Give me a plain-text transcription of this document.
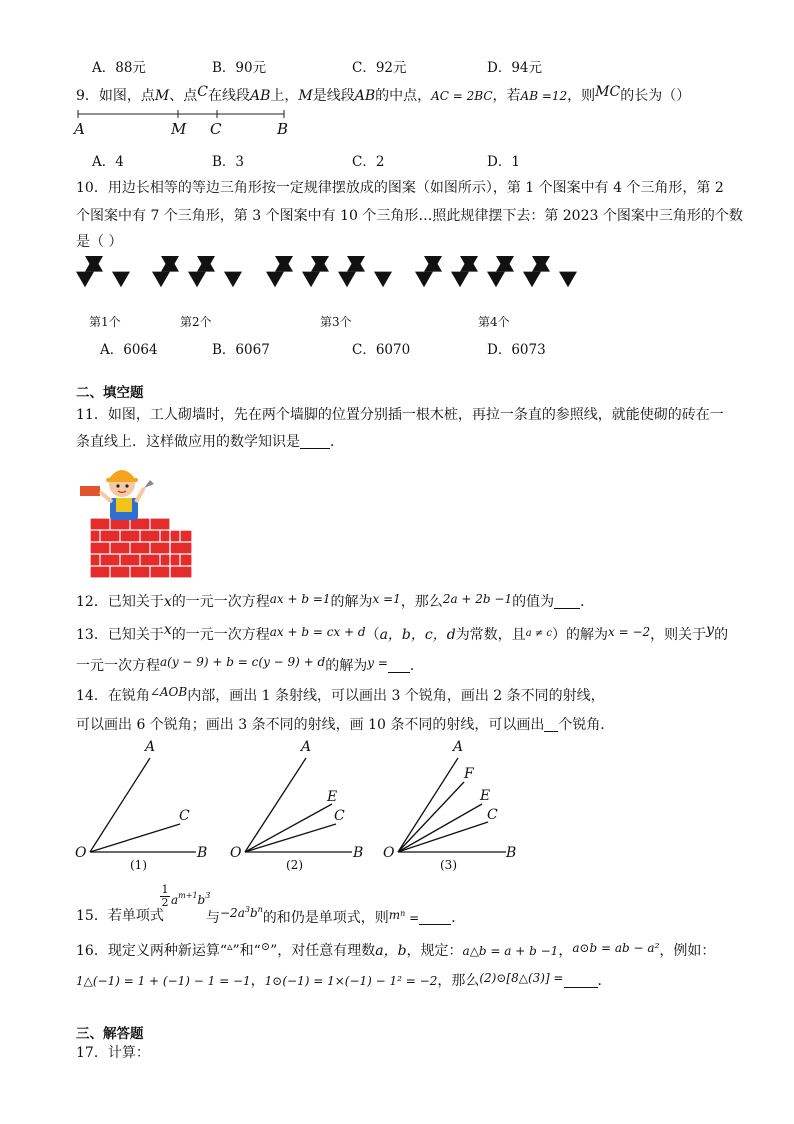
A．88元	B．90元	C．92元	D．94元
9．如图，点M、点C在线段AB上，M是线段AB的中点，AC = 2BC，若AB =12，则MC的长为（）
A	M C	B
A．4	B．3	C．2	D．1
10．用边长相等的等边三角形按一定规律摆放成的图案（如图所示），第 1 个图案中有 4 个三角形，第 2
个图案中有 7 个三角形，第 3 个图案中有 10 个三角形…照此规律摆下去：第 2023 个图案中三角形的个数
是（ ）
第1个	第2个	第3个	第4个
A．6064	B．6067	C．6070	D．6073
二、填空题
11．如图，工人砌墙时，先在两个墙脚的位置分别插一根木桩，再拉一条直的参照线，就能使砌的砖在一
条直线上．这样做应用的数学知识是 ．
12．已知关于x的一元一次方程ax + b =1的解为x =1，那么2a + 2b −1的值为 ．
13．已知关于x的一元一次方程ax + b = cx + d（a，b，c，d为常数，且$^{a \ne c}$）的解为x = −2，则关于y的
一元一次方程a(y − 9) + b = c(y − 9) + d的解为y = ．
14．在锐角∠AOB内部，画出 1 条射线，可以画出 3 个锐角，画出 2 条不同的射线，
可以画出 6 个锐角；画出 3 条不同的射线，画 10 条不同的射线，可以画出 个锐角．
A
C
O	B
(1)
A
E
C
O	B
(2)
A
F
E
C
O	B
(3)
15．若单项式
1
2 $a^{m+1}b^3$
与$-2a^3b^n$的和仍是单项式，则$m^n$ = ．
16．现定义两种新运算“▵”和“⊙”，对任意有理数a，b，规定：a△b = a + b −1，a⊙b = ab − a²，例如：
1△(−1) = 1 + (−1) − 1 = −1，1⊙(−1) = 1×(−1) − 1² = −2，那么(2)⊙[8△(3)] = ．
三、解答题
17．计算：
